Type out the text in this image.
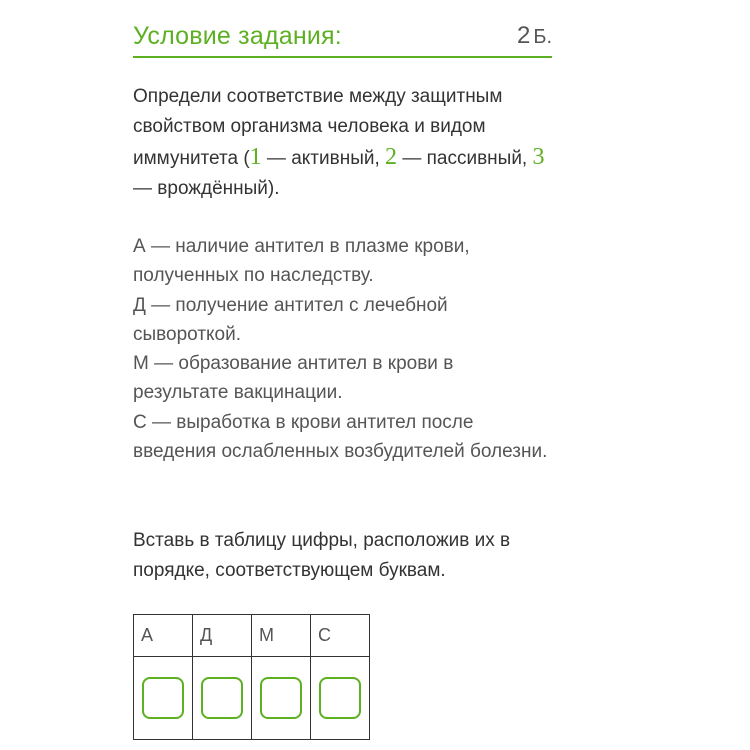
Условие задания:	2 Б.
Определи соответствие между защитным свойством организма человека и видом иммунитета (1 — активный, 2 — пассивный, 3 — врождённый).
А — наличие антител в плазме крови, полученных по наследству.
Д — получение антител с лечебной сывороткой.
М — образование антител в крови в результате вакцинации.
С — выработка в крови антител после введения ослабленных возбудителей болезни.
Вставь в таблицу цифры, расположив их в порядке, соответствующем буквам.
А	Д	М	С
